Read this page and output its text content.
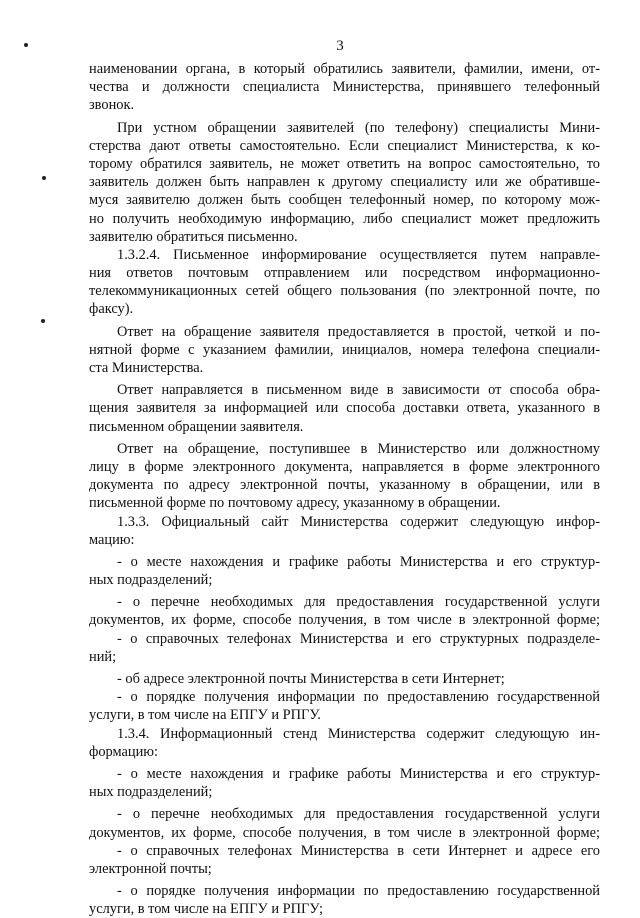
3
наименовании органа, в который обратились заявители, фамилии, имени, от-
чества и должности специалиста Министерства, принявшего телефонный
звонок.
При устном обращении заявителей (по телефону) специалисты Мини-
стерства дают ответы самостоятельно. Если специалист Министерства, к ко-
торому обратился заявитель, не может ответить на вопрос самостоятельно, то
заявитель должен быть направлен к другому специалисту или же обратившe-
муся заявителю должен быть сообщен телефонный номер, по которому мож-
но получить необходимую информацию, либо специалист может предложить
заявителю обратиться письменно.
1.3.2.4. Письменное информирование осуществляется путем направле-
ния ответов почтовым отправлением или посредством информационно-
телекоммуникационных сетей общего пользования (по электронной почте, по
факсу).
Ответ на обращение заявителя предоставляется в простой, четкой и по-
нятной форме с указанием фамилии, инициалов, номера телефона специали-
ста Министерства.
Ответ направляется в письменном виде в зависимости от способа обра-
щения заявителя за информацией или способа доставки ответа, указанного в
письменном обращении заявителя.
Ответ на обращение, поступившее в Министерство или должностному
лицу в форме электронного документа, направляется в форме электронного
документа по адресу электронной почты, указанному в обращении, или в
письменной форме по почтовому адресу, указанному в обращении.
1.3.3. Официальный сайт Министерства содержит следующую инфор-
мацию:
- о месте нахождения и графике работы Министерства и его структур-
ных подразделений;
- о перечне необходимых для предоставления государственной услуги
документов, их форме, способе получения, в том числе в электронной форме;
- о справочных телефонах Министерства и его структурных подразделе-
ний;
- об адресе электронной почты Министерства в сети Интернет;
- о порядке получения информации по предоставлению государственной
услуги, в том числе на ЕПГУ и РПГУ.
1.3.4. Информационный стенд Министерства содержит следующую ин-
формацию:
- о месте нахождения и графике работы Министерства и его структур-
ных подразделений;
- о перечне необходимых для предоставления государственной услуги
документов, их форме, способе получения, в том числе в электронной форме;
- о справочных телефонах Министерства в сети Интернет и адресе его
электронной почты;
- о порядке получения информации по предоставлению государственной
услуги, в том числе на ЕПГУ и РПГУ;
